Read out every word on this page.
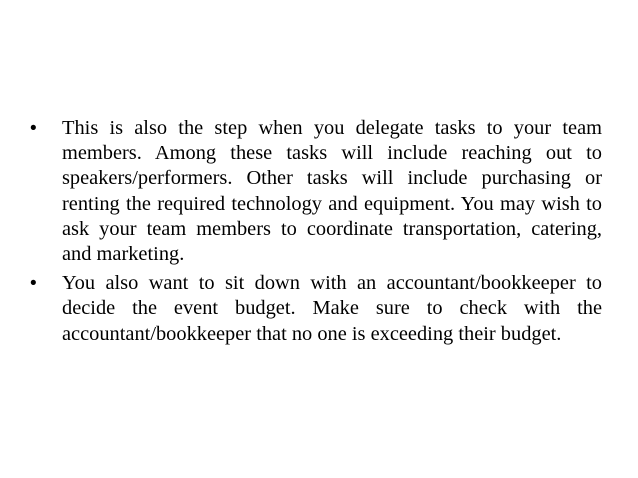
• This is also the step when you delegate tasks to your team members. Among these tasks will include reaching out to speakers/performers. Other tasks will include purchasing or renting the required technology and equipment. You may wish to ask your team members to coordinate transportation, catering, and marketing.
• You also want to sit down with an accountant/bookkeeper to decide the event budget. Make sure to check with the accountant/bookkeeper that no one is exceeding their budget.
